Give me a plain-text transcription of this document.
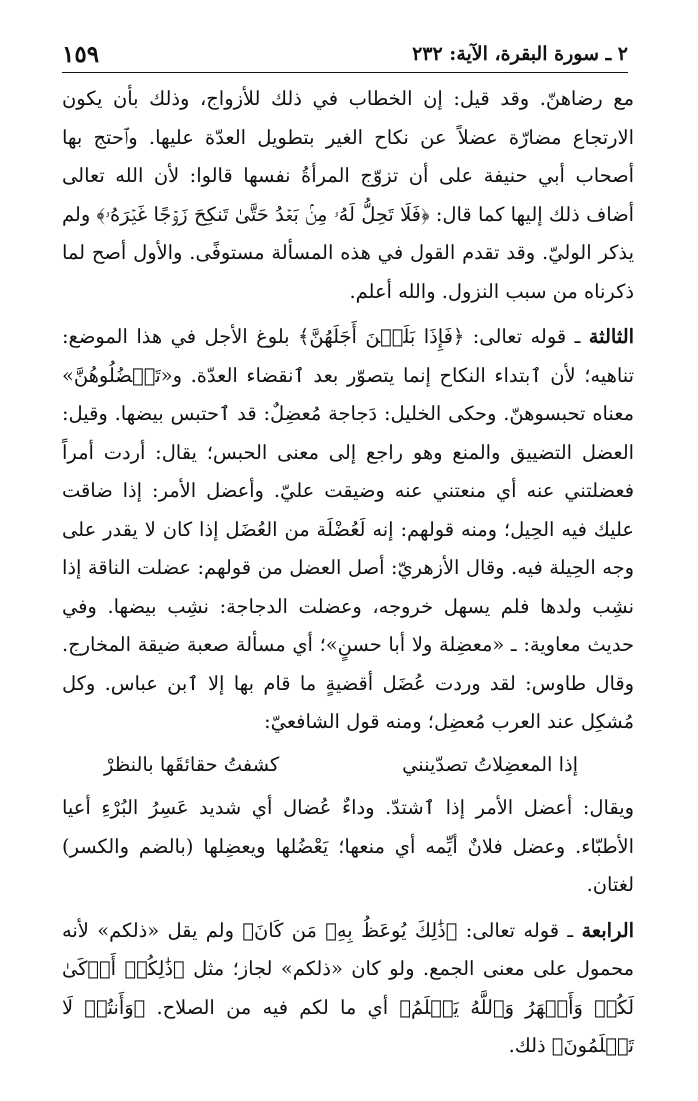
٢ ـ سورة البقرة، الآية: ٢٣٢
١٥٩

مع رضاهنّ. وقد قيل: إن الخطاب في ذلك للأزواج، وذلك بأن يكون الارتجاع مضارّة عضلاً عن نكاح الغير بتطويل العدّة عليها. وٱحتج بها أصحاب أبي حنيفة على أن تزوّج المرأةُ نفسها قالوا: لأن الله تعالى أضاف ذلك إليها كما قال: ﴿فَلَا تَحِلُّ لَهُۥ مِنۢ بَعۡدُ حَتَّىٰ تَنكِحَ زَوۡجًا غَيۡرَهُۥ﴾ ولم يذكر الوليّ. وقد تقدم القول في هذه المسألة مستوفًى. والأول أصح لما ذكرناه من سبب النزول. والله أعلم.

الثالثة ـ قوله تعالى: ﴿فَإِذَا بَلَغۡنَ أَجَلَهُنَّ﴾ بلوغ الأجل في هذا الموضع: تناهيه؛ لأن ٱبتداء النكاح إنما يتصوّر بعد ٱنقضاء العدّة. و«تَعۡضُلُوهُنَّ» معناه تحبسوهنّ. وحكى الخليل: دَجاجة مُعضِلٌ: قد ٱحتبس بيضها. وقيل: العضل التضييق والمنع وهو راجع إلى معنى الحبس؛ يقال: أردت أمراً فعضلتني عنه أي منعتني عنه وضيقت عليّ. وأعضل الأمر: إذا ضاقت عليك فيه الحِيل؛ ومنه قولهم: إنه لَعُضْلَة من العُضَل إذا كان لا يقدر على وجه الحِيلة فيه. وقال الأزهريّ: أصل العضل من قولهم: عضلت الناقة إذا نشِب ولدها فلم يسهل خروجه، وعضلت الدجاجة: نشِب بيضها. وفي حديث معاوية: ـ «معضِلة ولا أبا حسنٍ»؛ أي مسألة صعبة ضيقة المخارج. وقال طاوس: لقد وردت عُضَل أقضيةٍ ما قام بها إلا ٱبن عباس. وكل مُشكِل عند العرب مُعضِل؛ ومنه قول الشافعيّ:

إذا المعضِلاتُ تصدّينني
كشفتُ حقائقَها بالنظرْ

ويقال: أعضل الأمر إذا ٱشتدّ. وداءٌ عُضال أي شديد عَسِرُ البُرْءِ أعيا الأطبّاء. وعضل فلانٌ أيِّمه أي منعها؛ يَعْضُلها ويعضِلها (بالضم والكسر) لغتان.

الرابعة ـ قوله تعالى: ﴿ذَٰلِكَ يُوعَظُ بِهِۦ مَن كَانَ﴾ ولم يقل «ذلكم» لأنه محمول على معنى الجمع. ولو كان «ذلكم» لجاز؛ مثل ﴿ذَٰلِكُمۡ أَزۡكَىٰ لَكُمۡ وَأَطۡهَرُ وَٱللَّهُ يَعۡلَمُ﴾ أي ما لكم فيه من الصلاح. ﴿وَأَنتُمۡ لَا تَعۡلَمُونَ﴾ ذلك.
